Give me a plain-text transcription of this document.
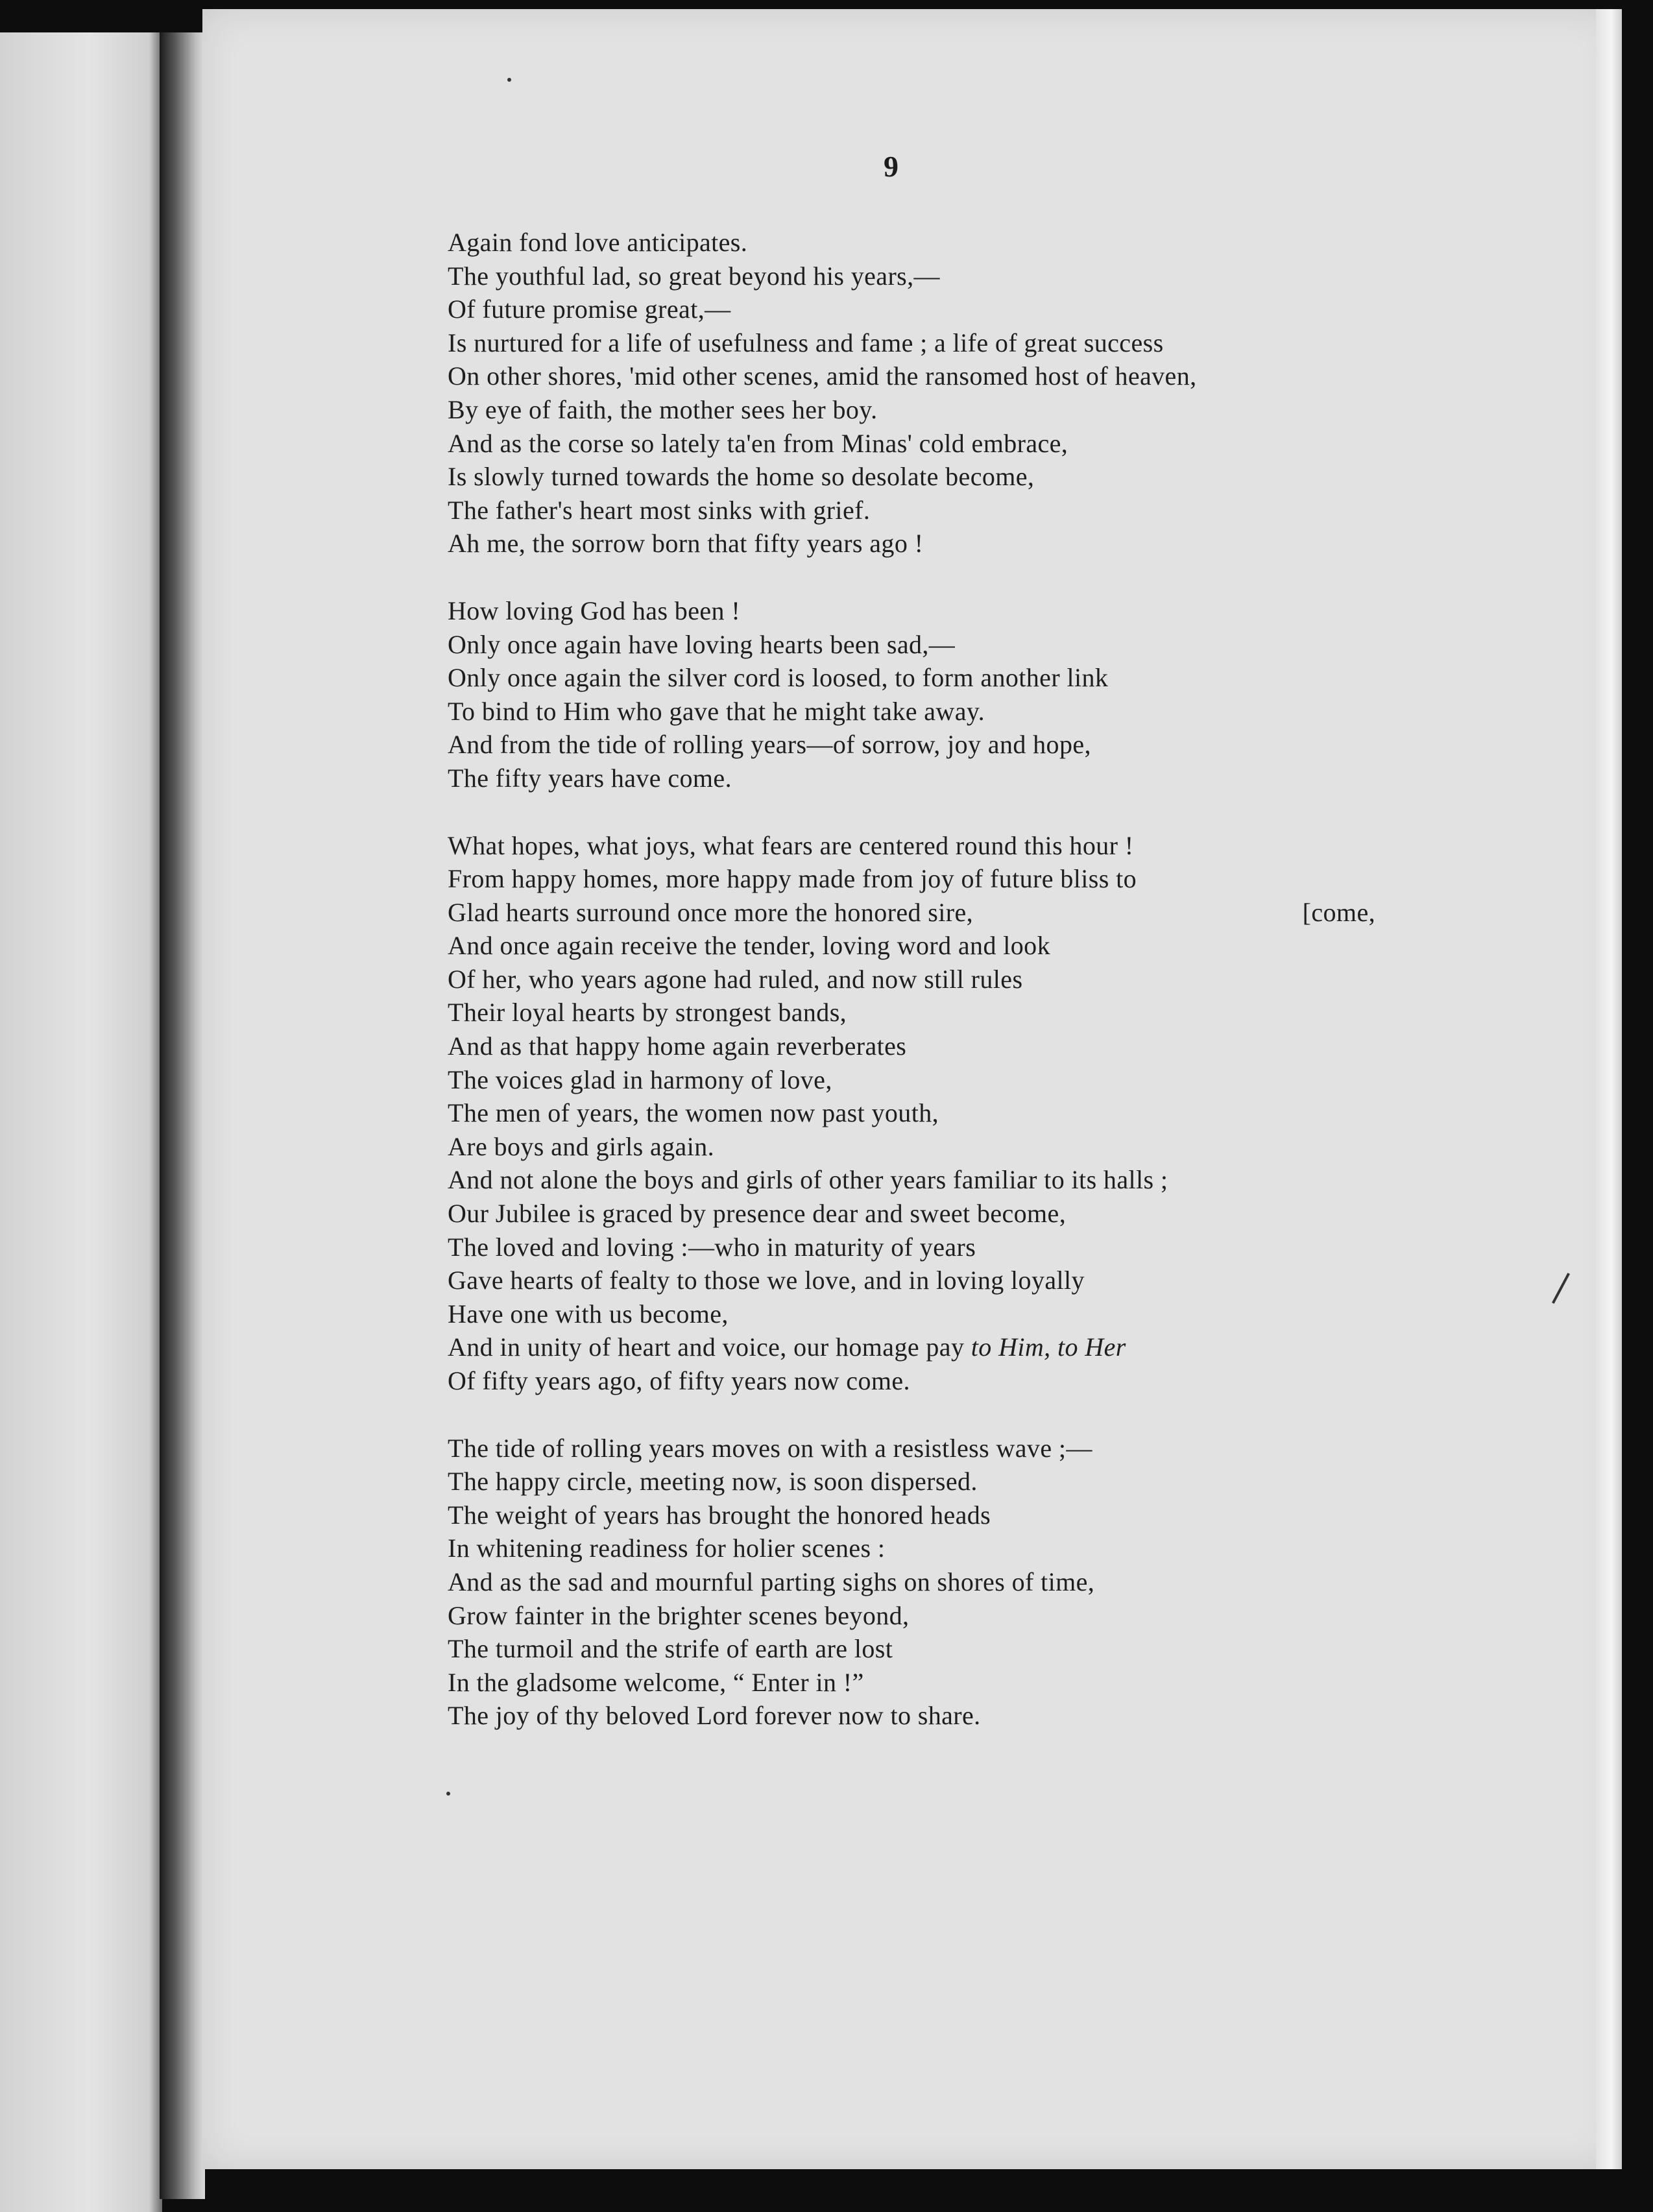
9
Again fond love anticipates.
The youthful lad, so great beyond his years,—
Of future promise great,—
Is nurtured for a life of usefulness and fame ; a life of great success
On other shores, 'mid other scenes, amid the ransomed host of heaven,
By eye of faith, the mother sees her boy.
And as the corse so lately ta'en from Minas' cold embrace,
Is slowly turned towards the home so desolate become,
The father's heart most sinks with grief.
Ah me, the sorrow born that fifty years ago !
How loving God has been !
Only once again have loving hearts been sad,—
Only once again the silver cord is loosed, to form another link
To bind to Him who gave that he might take away.
And from the tide of rolling years—of sorrow, joy and hope,
The fifty years have come.
What hopes, what joys, what fears are centered round this hour !
From happy homes, more happy made from joy of future bliss to
Glad hearts surround once more the honored sire,	[come,
And once again receive the tender, loving word and look
Of her, who years agone had ruled, and now still rules
Their loyal hearts by strongest bands,
And as that happy home again reverberates
The voices glad in harmony of love,
The men of years, the women now past youth,
Are boys and girls again.
And not alone the boys and girls of other years familiar to its halls ;
Our Jubilee is graced by presence dear and sweet become,
The loved and loving :—who in maturity of years
Gave hearts of fealty to those we love, and in loving loyally
Have one with us become,
And in unity of heart and voice, our homage pay to Him, to Her
Of fifty years ago, of fifty years now come.
The tide of rolling years moves on with a resistless wave ;—
The happy circle, meeting now, is soon dispersed.
The weight of years has brought the honored heads
In whitening readiness for holier scenes :
And as the sad and mournful parting sighs on shores of time,
Grow fainter in the brighter scenes beyond,
The turmoil and the strife of earth are lost
In the gladsome welcome, “ Enter in !”
The joy of thy beloved Lord forever now to share.
